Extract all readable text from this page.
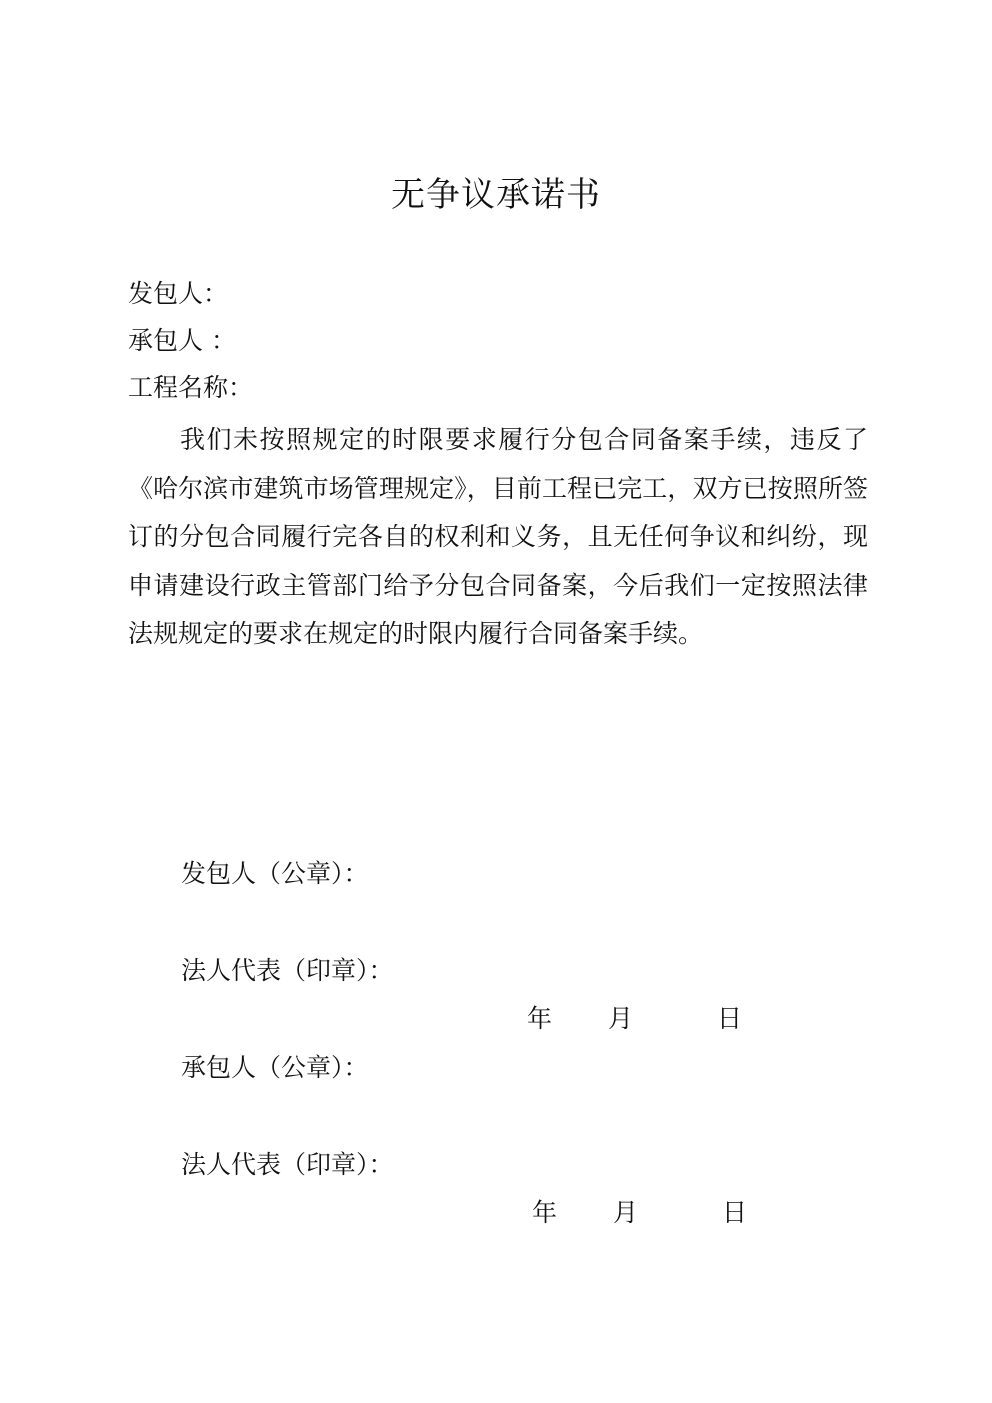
无争议承诺书
发包人：
承包人 ：
工程名称：
我们未按照规定的时限要求履行分包合同备案手续，违反了《哈尔滨市建筑市场管理规定》，目前工程已完工，双方已按照所签订的分包合同履行完各自的权利和义务，且无任何争议和纠纷，现申请建设行政主管部门给予分包合同备案，今后我们一定按照法律法规规定的要求在规定的时限内履行合同备案手续。
发包人（公章）：
法人代表（印章）：
年 月	日
承包人（公章）：
法人代表（印章）：
年 月	日
